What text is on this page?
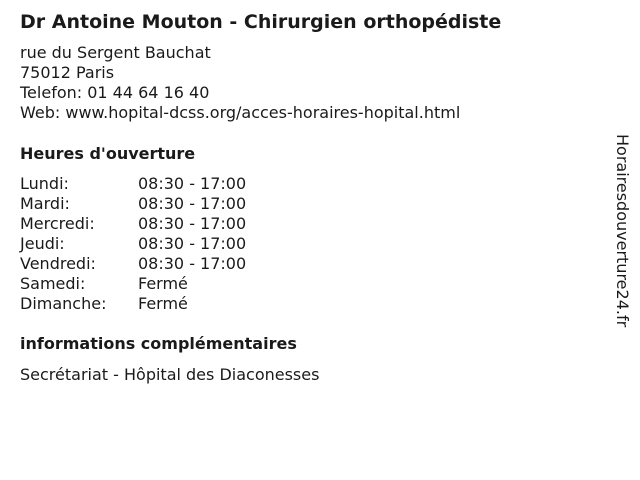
Dr Antoine Mouton - Chirurgien orthopédiste
rue du Sergent Bauchat
75012 Paris
Telefon: 01 44 64 16 40
Web: www.hopital-dcss.org/acces-horaires-hopital.html
Heures d'ouverture
Lundi:	08:30 - 17:00
Mardi:	08:30 - 17:00
Mercredi:	08:30 - 17:00
Jeudi:	08:30 - 17:00
Vendredi:	08:30 - 17:00
Samedi:	Fermé
Dimanche: Fermé
informations complémentaires
Secrétariat - Hôpital des Diaconesses
Horairesdouverture24.fr
